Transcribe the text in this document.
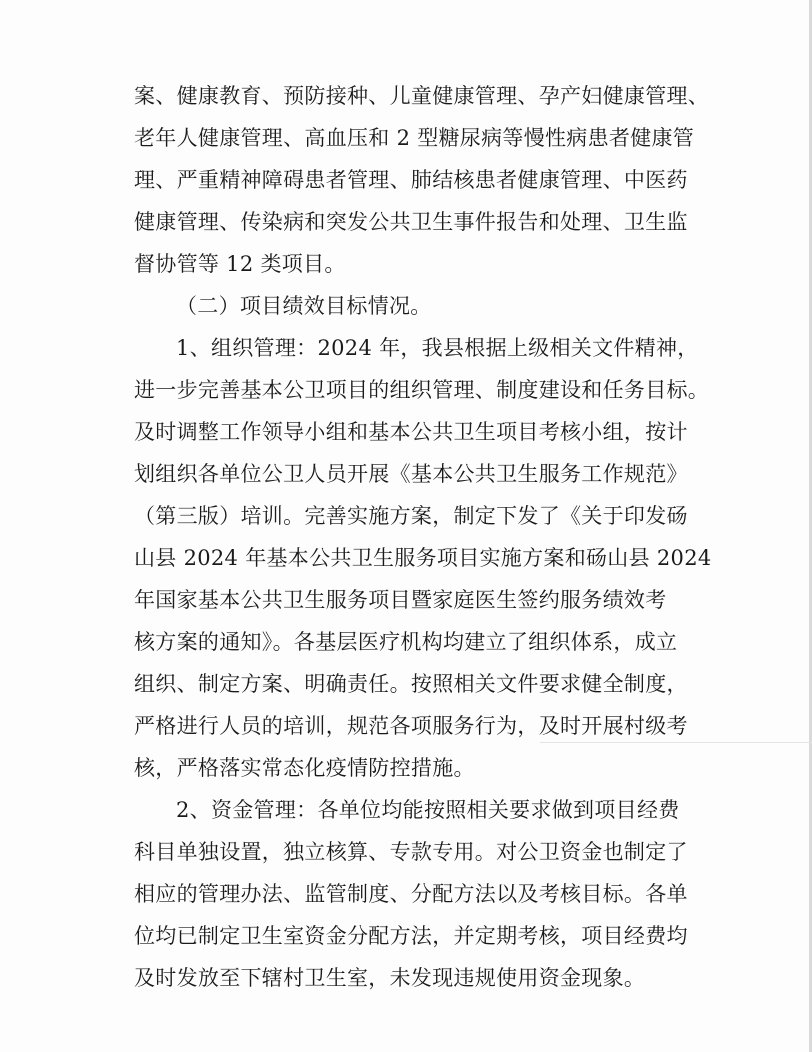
案、健康教育、预防接种、儿童健康管理、孕产妇健康管理、
老年人健康管理、高血压和 2 型糖尿病等慢性病患者健康管
理、严重精神障碍患者管理、肺结核患者健康管理、中医药
健康管理、传染病和突发公共卫生事件报告和处理、卫生监
督协管等 12 类项目。
（二）项目绩效目标情况。
1、组织管理：2024 年，我县根据上级相关文件精神，
进一步完善基本公卫项目的组织管理、制度建设和任务目标。
及时调整工作领导小组和基本公共卫生项目考核小组，按计
划组织各单位公卫人员开展《基本公共卫生服务工作规范》
（第三版）培训。完善实施方案，制定下发了《关于印发砀
山县 2024 年基本公共卫生服务项目实施方案和砀山县 2024
年国家基本公共卫生服务项目暨家庭医生签约服务绩效考
核方案的通知》。各基层医疗机构均建立了组织体系，成立
组织、制定方案、明确责任。按照相关文件要求健全制度，
严格进行人员的培训，规范各项服务行为，及时开展村级考
核，严格落实常态化疫情防控措施。
2、资金管理：各单位均能按照相关要求做到项目经费
科目单独设置，独立核算、专款专用。对公卫资金也制定了
相应的管理办法、监管制度、分配方法以及考核目标。各单
位均已制定卫生室资金分配方法，并定期考核，项目经费均
及时发放至下辖村卫生室，未发现违规使用资金现象。
